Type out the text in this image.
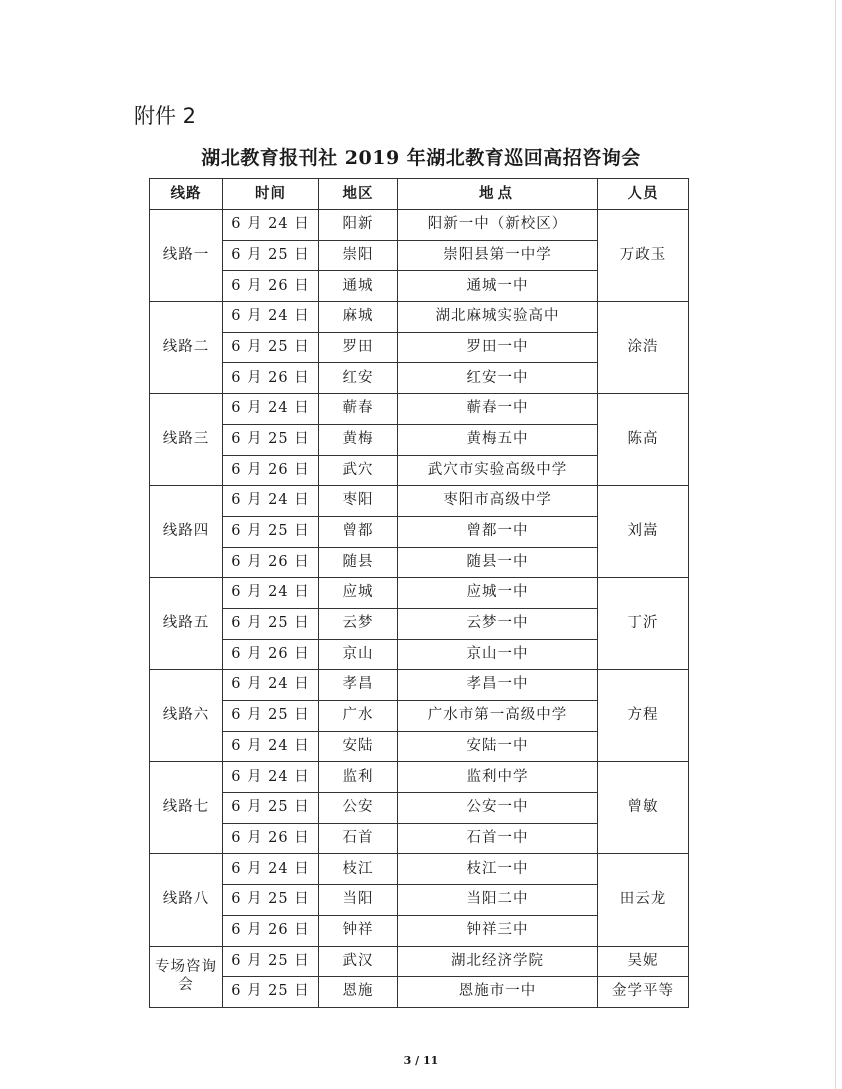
附件 2
湖北教育报刊社 2019 年湖北教育巡回高招咨询会
线路	时间	地区	地点	人员
线路一	6 月 24 日	阳新	阳新一中（新校区）	万政玉
	6 月 25 日	崇阳	崇阳县第一中学	
	6 月 26 日	通城	通城一中	
线路二	6 月 24 日	麻城	湖北麻城实验高中	涂浩
	6 月 25 日	罗田	罗田一中	
	6 月 26 日	红安	红安一中	
线路三	6 月 24 日	蕲春	蕲春一中	陈高
	6 月 25 日	黄梅	黄梅五中	
	6 月 26 日	武穴	武穴市实验高级中学	
线路四	6 月 24 日	枣阳	枣阳市高级中学	刘嵩
	6 月 25 日	曾都	曾都一中	
	6 月 26 日	随县	随县一中	
线路五	6 月 24 日	应城	应城一中	丁沂
	6 月 25 日	云梦	云梦一中	
	6 月 26 日	京山	京山一中	
线路六	6 月 24 日	孝昌	孝昌一中	方程
	6 月 25 日	广水	广水市第一高级中学	
	6 月 24 日	安陆	安陆一中	
线路七	6 月 24 日	监利	监利中学	曾敏
	6 月 25 日	公安	公安一中	
	6 月 26 日	石首	石首一中	
线路八	6 月 24 日	枝江	枝江一中	田云龙
	6 月 25 日	当阳	当阳二中	
	6 月 26 日	钟祥	钟祥三中	
专场咨询会	6 月 25 日	武汉	湖北经济学院	吴妮
	6 月 25 日	恩施	恩施市一中	金学平等
3 / 11
